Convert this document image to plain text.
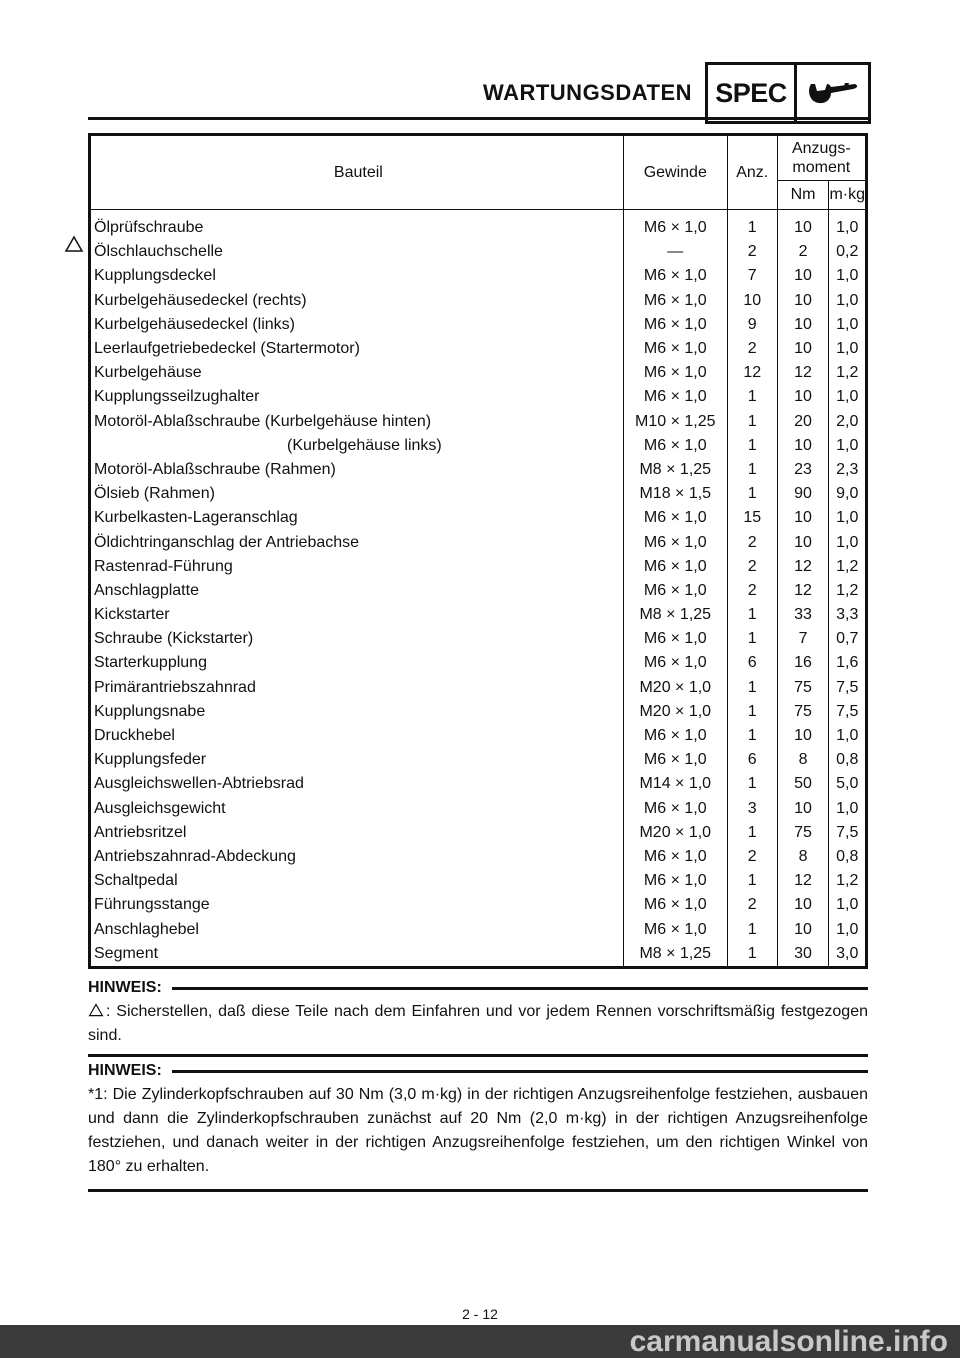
WARTUNGSDATEN SPEC
Bauteil	Gewinde	Anz.	Anzugs-
moment	
			Nm	m·kg
Ölprüfschraube	M6 × 1,0	1	10	1,0
Ölschlauchschelle	—	2	2	0,2
Kupplungsdeckel	M6 × 1,0	7	10	1,0
Kurbelgehäusedeckel (rechts)	M6 × 1,0	10	10	1,0
Kurbelgehäusedeckel (links)	M6 × 1,0	9	10	1,0
Leerlaufgetriebedeckel (Startermotor)	M6 × 1,0	2	10	1,0
Kurbelgehäuse	M6 × 1,0	12	12	1,2
Kupplungsseilzughalter	M6 × 1,0	1	10	1,0
Motoröl-Ablaßschraube (Kurbelgehäuse hinten)	M10 × 1,25	1	20	2,0
(Kurbelgehäuse links)	M6 × 1,0	1	10	1,0
Motoröl-Ablaßschraube (Rahmen)	M8 × 1,25	1	23	2,3
Ölsieb (Rahmen)	M18 × 1,5	1	90	9,0
Kurbelkasten-Lageranschlag	M6 × 1,0	15	10	1,0
Öldichtringanschlag der Antriebachse	M6 × 1,0	2	10	1,0
Rastenrad-Führung	M6 × 1,0	2	12	1,2
Anschlagplatte	M6 × 1,0	2	12	1,2
Kickstarter	M8 × 1,25	1	33	3,3
Schraube (Kickstarter)	M6 × 1,0	1	7	0,7
Starterkupplung	M6 × 1,0	6	16	1,6
Primärantriebszahnrad	M20 × 1,0	1	75	7,5
Kupplungsnabe	M20 × 1,0	1	75	7,5
Druckhebel	M6 × 1,0	1	10	1,0
Kupplungsfeder	M6 × 1,0	6	8	0,8
Ausgleichswellen-Abtriebsrad	M14 × 1,0	1	50	5,0
Ausgleichsgewicht	M6 × 1,0	3	10	1,0
Antriebsritzel	M20 × 1,0	1	75	7,5
Antriebszahnrad-Abdeckung	M6 × 1,0	2	8	0,8
Schaltpedal	M6 × 1,0	1	12	1,2
Führungsstange	M6 × 1,0	2	10	1,0
Anschlaghebel	M6 × 1,0	1	10	1,0
Segment	M8 × 1,25	1	30	3,0
HINWEIS:
: Sicherstellen, daß diese Teile nach dem Einfahren und vor jedem Rennen vorschriftsmäßig festgezogen sind.
HINWEIS:
*1: Die Zylinderkopfschrauben auf 30 Nm (3,0 m·kg) in der richtigen Anzugsreihenfolge festziehen, ausbauen und dann die Zylinderkopfschrauben zunächst auf 20 Nm (2,0 m·kg) in der richtigen Anzugsreihenfolge festziehen, und danach weiter in der richtigen Anzugsreihenfolge festziehen, um den richtigen Winkel von 180° zu erhalten.
2 - 12
carmanualsonline.info
